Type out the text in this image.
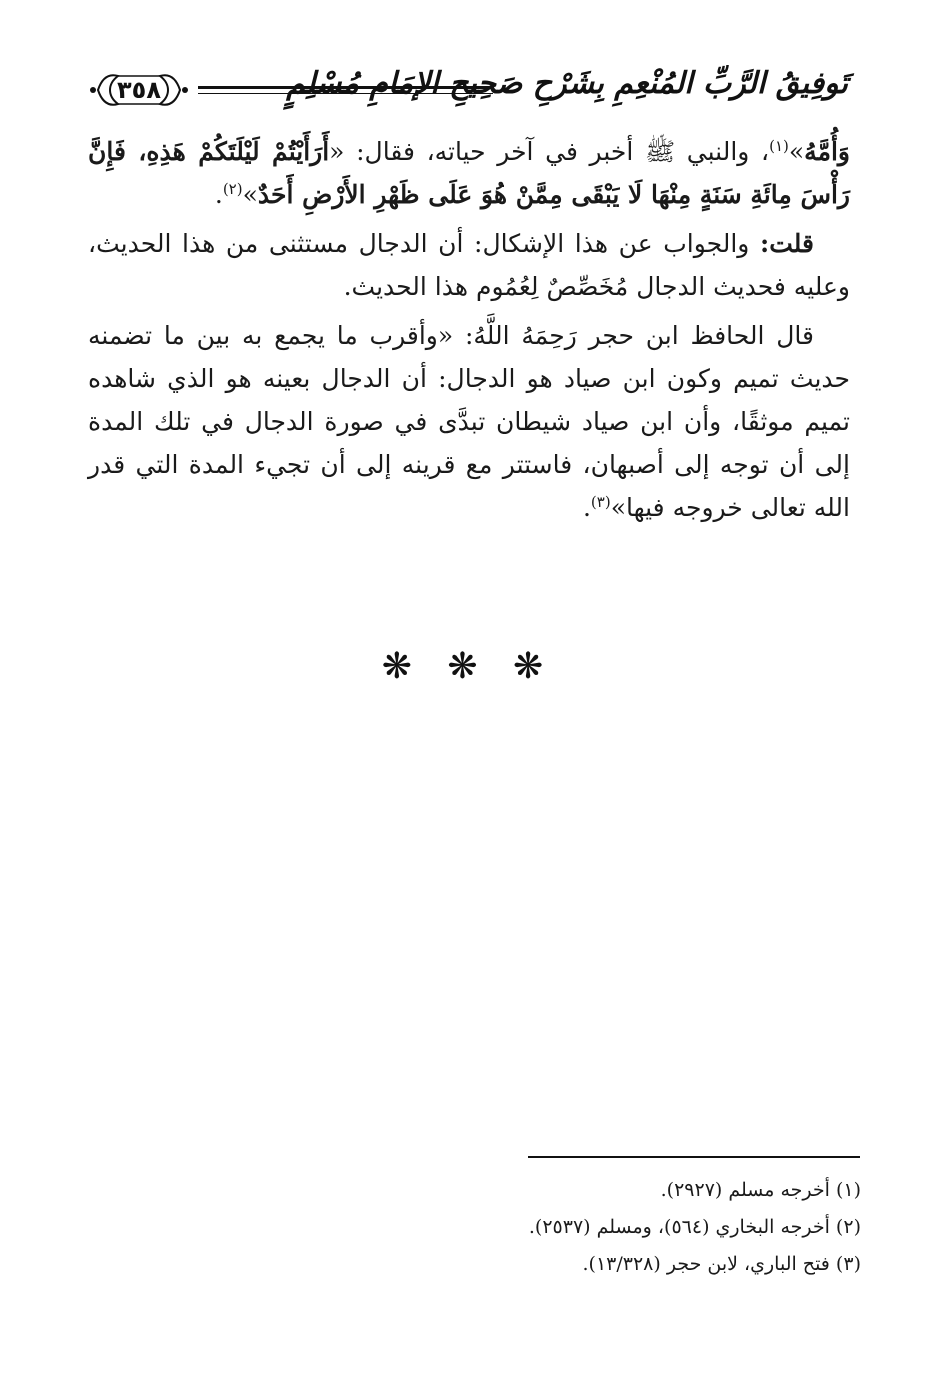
٣٥٨	تَوفِيقُ الرَّبِّ المُنْعِمِ بِشَرْحِ صَحِيحِ الإمَامِ مُسْلِمٍ

وَأُمَّهُ»$^{(١)}$، والنبي ﷺ أخبر في آخر حياته، فقال: «أَرَأَيْتُمْ لَيْلَتَكُمْ هَذِهِ، فَإِنَّ رَأْسَ مِائَةِ سَنَةٍ مِنْهَا لَا يَبْقَى مِمَّنْ هُوَ عَلَى ظَهْرِ الأَرْضِ أَحَدٌ»$^{(٢)}$.

قلت: والجواب عن هذا الإشكال: أن الدجال مستثنى من هذا الحديث، وعليه فحديث الدجال مُخَصِّصٌ لِعُمُوم هذا الحديث.

قال الحافظ ابن حجر رَحِمَهُ اللَّهُ: «وأقرب ما يجمع به بين ما تضمنه حديث تميم وكون ابن صياد هو الدجال: أن الدجال بعينه هو الذي شاهده تميم موثقًا، وأن ابن صياد شيطان تبدَّى في صورة الدجال في تلك المدة إلى أن توجه إلى أصبهان، فاستتر مع قرينه إلى أن تجيء المدة التي قدر الله تعالى خروجه فيها»$^{(٣)}$.

❋ ❋ ❋

(١) أخرجه مسلم (٢٩٢٧).

(٢) أخرجه البخاري (٥٦٤)، ومسلم (٢٥٣٧).

(٣) فتح الباري، لابن حجر (١٣/٣٢٨).
